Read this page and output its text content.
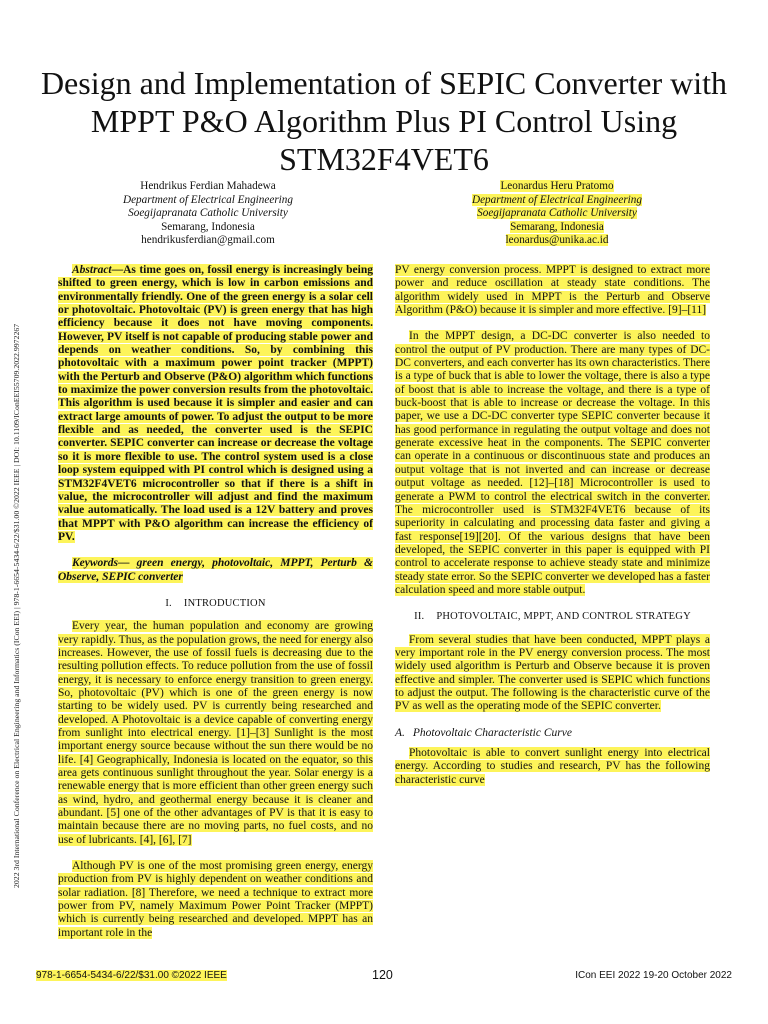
Design and Implementation of SEPIC Converter with MPPT P&O Algorithm Plus PI Control Using STM32F4VET6
2022 3rd International Conference on Electrical Engineering and Informatics (ICon EEI) | 978-1-6654-5434-6/22/$31.00 ©2022 IEEE | DOI: 10.1109/IConEEI55709.2022.9972267
Hendrikus Ferdian Mahadewa
Department of Electrical Engineering
Soegijapranata Catholic University
Semarang, Indonesia
hendrikusferdian@gmail.com
Leonardus Heru Pratomo
Department of Electrical Engineering
Soegijapranata Catholic University
Semarang, Indonesia
leonardus@unika.ac.id

Abstract—As time goes on, fossil energy is increasingly being shifted to green energy, which is low in carbon emissions and environmentally friendly. One of the green energy is a solar cell or photovoltaic. Photovoltaic (PV) is green energy that has high efficiency because it does not have moving components. However, PV itself is not capable of producing stable power and depends on weather conditions. So, by combining this photovoltaic with a maximum power point tracker (MPPT) with the Perturb and Observe (P&O) algorithm which functions to maximize the power conversion results from the photovoltaic. This algorithm is used because it is simpler and easier and can extract large amounts of power. To adjust the output to be more flexible and as needed, the converter used is the SEPIC converter. SEPIC converter can increase or decrease the voltage so it is more flexible to use. The control system used is a close loop system equipped with PI control which is designed using a STM32F4VET6 microcontroller so that if there is a shift in value, the microcontroller will adjust and find the maximum value automatically. The load used is a 12V battery and proves that MPPT with P&O algorithm can increase the efficiency of PV.

Keywords— green energy, photovoltaic, MPPT, Perturb & Observe, SEPIC converter

I. INTRODUCTION

Every year, the human population and economy are growing very rapidly. Thus, as the population grows, the need for energy also increases. However, the use of fossil fuels is decreasing due to the resulting pollution effects. To reduce pollution from the use of fossil energy, it is necessary to enforce energy transition to green energy. So, photovoltaic (PV) which is one of the green energy is now starting to be widely used. PV is currently being researched and developed. A Photovoltaic is a device capable of converting energy from sunlight into electrical energy. [1]–[3] Sunlight is the most important energy source because without the sun there would be no life. [4] Geographically, Indonesia is located on the equator, so this area gets continuous sunlight throughout the year. Solar energy is a renewable energy that is more efficient than other green energy such as wind, hydro, and geothermal energy because it is cleaner and abundant. [5] one of the other advantages of PV is that it is easy to maintain because there are no moving parts, no fuel costs, and no use of lubricants. [4], [6], [7]

Although PV is one of the most promising green energy, energy production from PV is highly dependent on weather conditions and solar radiation. [8] Therefore, we need a technique to extract more power from PV, namely Maximum Power Point Tracker (MPPT) which is currently being researched and developed. MPPT has an important role in the

PV energy conversion process. MPPT is designed to extract more power and reduce oscillation at steady state conditions. The algorithm widely used in MPPT is the Perturb and Observe Algorithm (P&O) because it is simpler and more effective. [9]–[11]

In the MPPT design, a DC-DC converter is also needed to control the output of PV production. There are many types of DC-DC converters, and each converter has its own characteristics. There is a type of buck that is able to lower the voltage, there is also a type of boost that is able to increase the voltage, and there is a type of buck-boost that is able to increase or decrease the voltage. In this paper, we use a DC-DC converter type SEPIC converter because it has good performance in regulating the output voltage and does not generate excessive heat in the components. The SEPIC converter can operate in a continuous or discontinuous state and produces an output voltage that is not inverted and can increase or decrease output voltage as needed. [12]–[18] Microcontroller is used to generate a PWM to control the electrical switch in the converter. The microcontroller used is STM32F4VET6 because of its superiority in calculating and processing data faster and giving a fast response[19][20]. Of the various designs that have been developed, the SEPIC converter in this paper is equipped with PI control to accelerate response to achieve steady state and minimize steady state error. So the SEPIC converter we developed has a faster calculation speed and more stable output.

II. PHOTOVOLTAIC, MPPT, AND CONTROL STRATEGY

From several studies that have been conducted, MPPT plays a very important role in the PV energy conversion process. The most widely used algorithm is Perturb and Observe because it is proven effective and simpler. The converter used is SEPIC which functions to adjust the output. The following is the characteristic curve of the PV as well as the operating mode of the SEPIC converter.

A. Photovoltaic Characteristic Curve

Photovoltaic is able to convert sunlight energy into electrical energy. According to studies and research, PV has the following characteristic curve

978-1-6654-5434-6/22/$31.00 ©2022 IEEE	120	ICon EEI 2022 19-20 October 2022
